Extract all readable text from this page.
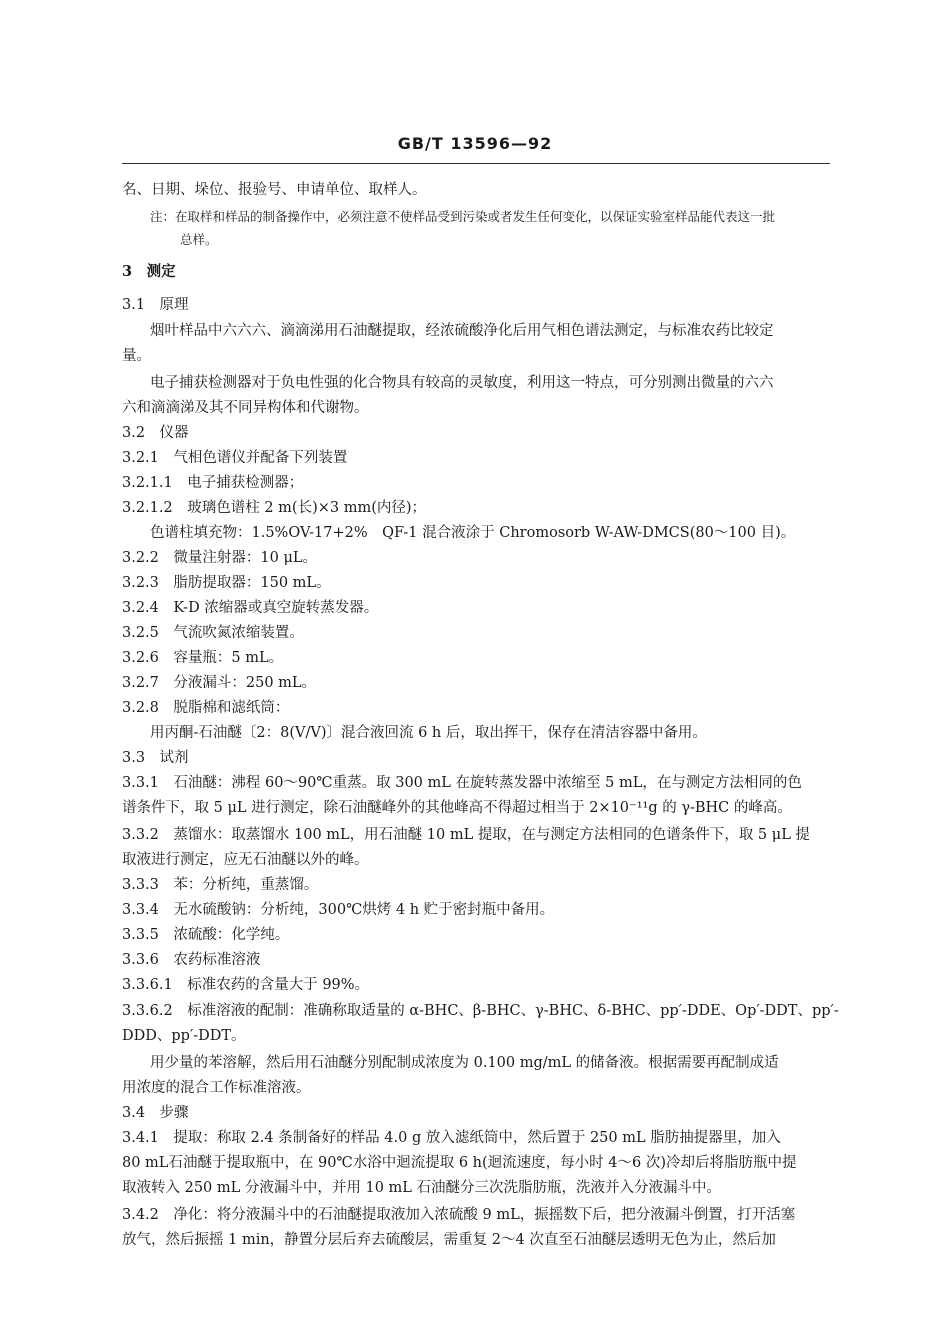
GB/T 13596—92
名、日期、垛位、报验号、申请单位、取样人。
注：在取样和样品的制备操作中，必须注意不使样品受到污染或者发生任何变化，以保证实验室样品能代表这一批
总样。
3　测定
3.1　原理
烟叶样品中六六六、滴滴涕用石油醚提取，经浓硫酸净化后用气相色谱法测定，与标准农药比较定
量。
电子捕获检测器对于负电性强的化合物具有较高的灵敏度，利用这一特点，可分别测出微量的六六
六和滴滴涕及其不同异构体和代谢物。
3.2　仪器
3.2.1　气相色谱仪并配备下列装置
3.2.1.1　电子捕获检测器；
3.2.1.2　玻璃色谱柱 2 m(长)×3 mm(内径)；
色谱柱填充物：1.5%OV-17+2%　QF-1 混合液涂于 Chromosorb W-AW-DMCS(80～100 目)。
3.2.2　微量注射器：10 μL。
3.2.3　脂肪提取器：150 mL。
3.2.4　K-D 浓缩器或真空旋转蒸发器。
3.2.5　气流吹氮浓缩装置。
3.2.6　容量瓶：5 mL。
3.2.7　分液漏斗：250 mL。
3.2.8　脱脂棉和滤纸筒：
用丙酮-石油醚〔2：8(V/V)〕混合液回流 6 h 后，取出挥干，保存在清洁容器中备用。
3.3　试剂
3.3.1　石油醚：沸程 60～90℃重蒸。取 300 mL 在旋转蒸发器中浓缩至 5 mL，在与测定方法相同的色
谱条件下，取 5 μL 进行测定，除石油醚峰外的其他峰高不得超过相当于 2×10⁻¹¹g 的 γ-BHC 的峰高。
3.3.2　蒸馏水：取蒸馏水 100 mL，用石油醚 10 mL 提取，在与测定方法相同的色谱条件下，取 5 μL 提
取液进行测定，应无石油醚以外的峰。
3.3.3　苯：分析纯，重蒸馏。
3.3.4　无水硫酸钠：分析纯，300℃烘烤 4 h 贮于密封瓶中备用。
3.3.5　浓硫酸：化学纯。
3.3.6　农药标准溶液
3.3.6.1　标准农药的含量大于 99%。
3.3.6.2　标准溶液的配制：准确称取适量的 α-BHC、β-BHC、γ-BHC、δ-BHC、pp′-DDE、Op′-DDT、pp′-
DDD、pp′-DDT。
用少量的苯溶解，然后用石油醚分别配制成浓度为 0.100 mg/mL 的储备液。根据需要再配制成适
用浓度的混合工作标准溶液。
3.4　步骤
3.4.1　提取：称取 2.4 条制备好的样品 4.0 g 放入滤纸筒中，然后置于 250 mL 脂肪抽提器里，加入
80 mL石油醚于提取瓶中，在 90℃水浴中迴流提取 6 h(迴流速度，每小时 4～6 次)冷却后将脂肪瓶中提
取液转入 250 mL 分液漏斗中，并用 10 mL 石油醚分三次洗脂肪瓶，洗液并入分液漏斗中。
3.4.2　净化：将分液漏斗中的石油醚提取液加入浓硫酸 9 mL，振摇数下后，把分液漏斗倒置，打开活塞
放气，然后振摇 1 min，静置分层后弃去硫酸层，需重复 2～4 次直至石油醚层透明无色为止，然后加
